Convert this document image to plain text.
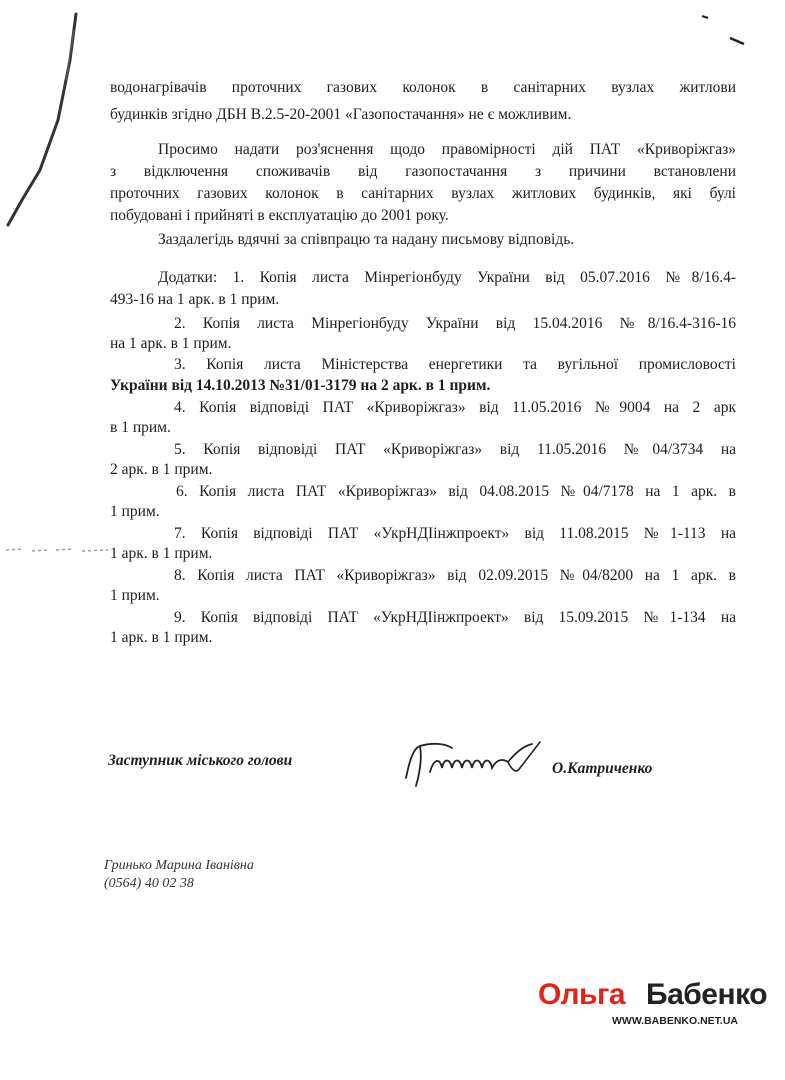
водонагрівачів проточних газових колонок в санітарних вузлах житлови
будинків згідно ДБН В.2.5-20-2001 «Газопостачання» не є можливим.
Просимо надати роз'яснення щодо правомірності дій ПАТ «Криворіжгаз»
з відключення споживачів від газопостачання з причини встановлени
проточних газових колонок в санітарних вузлах житлових будинків, які булі
побудовані і прийняті в експлуатацію до 2001 року.
Заздалегідь вдячні за співпрацю та надану письмову відповідь.
Додатки: 1. Копія листа Мінрегіонбуду України від 05.07.2016 №8/16.4-
493-16 на 1 арк. в 1 прим.
2. Копія листа Мінрегіонбуду України від 15.04.2016 №8/16.4-316-16
на 1 арк. в 1 прим.
3. Копія листа Міністерства енергетики та вугільної промисловості
України від 14.10.2013 №31/01-3179 на 2 арк. в 1 прим.
4. Копія відповіді ПАТ «Криворіжгаз» від 11.05.2016 №9004 на 2 арк
в 1 прим.
5. Копія відповіді ПАТ «Криворіжгаз» від 11.05.2016 №04/3734 на
2 арк. в 1 прим.
6. Копія листа ПАТ «Криворіжгаз» від 04.08.2015 №04/7178 на 1 арк. в
1 прим.
7. Копія відповіді ПАТ «УкрНДІінжпроект» від 11.08.2015 №1-113 на
1 арк. в 1 прим.
8. Копія листа ПАТ «Криворіжгаз» від 02.09.2015 №04/8200 на 1 арк. в
1 прим.
9. Копія відповіді ПАТ «УкрНДІінжпроект» від 15.09.2015 №1-134 на
1 арк. в 1 прим.
Заступник міського голови	О.Катриченко
Гринько Марина Іванівна
(0564) 40 02 38
Ольга Бабенко
WWW.BABENKO.NET.UA
